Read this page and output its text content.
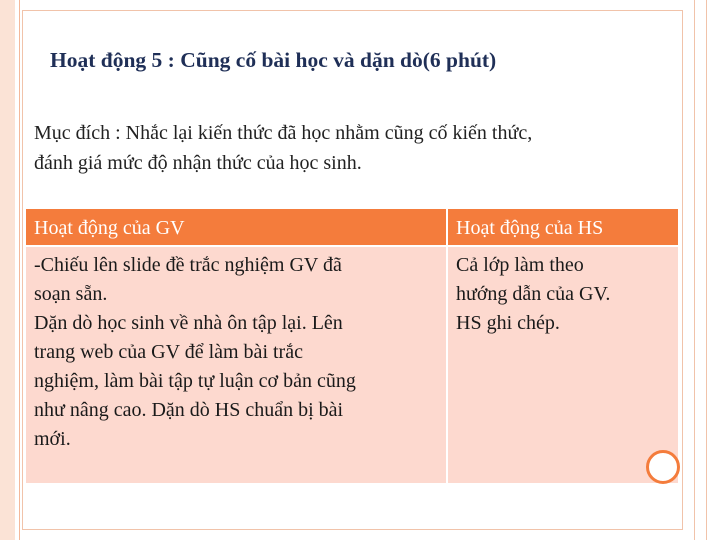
Hoạt động 5 : Cũng cố bài học và dặn dò(6 phút)
Mục đích : Nhắc lại kiến thức đã học nhằm cũng cố kiến thức,
đánh giá mức độ nhận thức của học sinh.
Hoạt động của GV	Hoạt động của HS
-Chiếu lên slide đề trắc nghiệm GV đã
soạn sẵn.
Dặn dò học sinh về nhà ôn tập lại. Lên
trang web của GV để làm bài trắc
nghiệm, làm bài tập tự luận cơ bản cũng
như nâng cao. Dặn dò HS chuẩn bị bài
mới.
Cả lớp làm theo
hướng dẫn của GV.
HS ghi chép.
